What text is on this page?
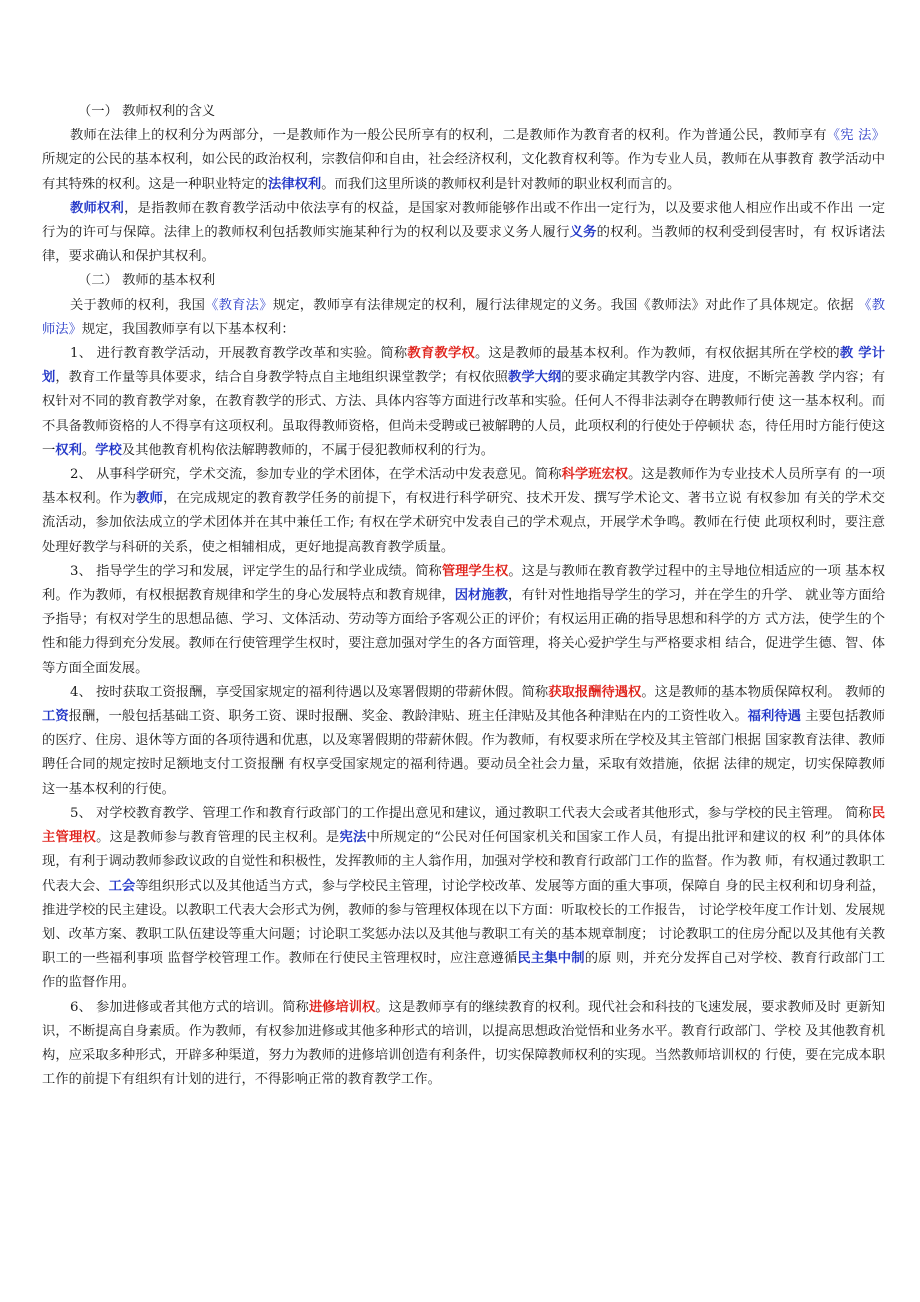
（一） 教师权利的含义

教师在法律上的权利分为两部分，一是教师作为一般公民所享有的权利，二是教师作为教育者的权利。作为普通公民，教师享有《宪 法》所规定的公民的基本权利，如公民的政治权利，宗教信仰和自由，社会经济权利，文化教育权利等。作为专业人员，教师在从事教育 教学活动中有其特殊的权利。这是一种职业特定的法律权利。而我们这里所谈的教师权利是针对教师的职业权利而言的。

教师权利，是指教师在教育教学活动中依法享有的权益，是国家对教师能够作出或不作出一定行为，以及要求他人相应作出或不作出 一定行为的许可与保障。法律上的教师权利包括教师实施某种行为的权利以及要求义务人履行义务的权利。当教师的权利受到侵害时，有 权诉诸法律，要求确认和保护其权利。

（二） 教师的基本权利

关于教师的权利，我国《教育法》规定，教师享有法律规定的权利，履行法律规定的义务。我国《教师法》对此作了具体规定。依据 《教师法》规定，我国教师享有以下基本权利：

1、 进行教育教学活动，开展教育教学改革和实验。简称教育教学权。这是教师的最基本权利。作为教师，有权依据其所在学校的教 学计划，教育工作量等具体要求，结合自身教学特点自主地组织课堂教学；有权依照教学大纲的要求确定其教学内容、进度，不断完善教 学内容；有权针对不同的教育教学对象，在教育教学的形式、方法、具体内容等方面进行改革和实验。任何人不得非法剥夺在聘教师行使 这一基本权利。而不具备教师资格的人不得享有这项权利。虽取得教师资格，但尚未受聘或已被解聘的人员，此项权利的行使处于停顿状 态，待任用时方能行使这一权利。学校及其他教育机构依法解聘教师的，不属于侵犯教师权利的行为。

2、 从事科学研究，学术交流，参加专业的学术团体，在学术活动中发表意见。简称科学班宏权。这是教师作为专业技术人员所享有 的一项基本权利。作为教师，在完成规定的教育教学任务的前提下，有权进行科学研究、技术开发、撰写学术论文、著书立说 有权参加 有关的学术交流活动，参加依法成立的学术团体并在其中兼任工作; 有权在学术研究中发表自己的学术观点，开展学术争鸣。教师在行使 此项权利时，要注意处理好教学与科研的关系，使之相辅相成，更好地提高教育教学质量。

3、 指导学生的学习和发展，评定学生的品行和学业成绩。简称管理学生权。这是与教师在教育教学过程中的主导地位相适应的一项 基本权利。作为教师，有权根据教育规律和学生的身心发展特点和教育规律，因材施教，有针对性地指导学生的学习，并在学生的升学、 就业等方面给予指导；有权对学生的思想品德、学习、文体活动、劳动等方面给予客观公正的评价；有权运用正确的指导思想和科学的方 式方法，使学生的个性和能力得到充分发展。教师在行使管理学生权时，要注意加强对学生的各方面管理，将关心爱护学生与严格要求相 结合，促进学生德、智、体等方面全面发展。

4、 按时获取工资报酬，享受国家规定的福利待遇以及寒署假期的带薪休假。简称获取报酬待遇权。这是教师的基本物质保障权利。 教师的工资报酬，一般包括基础工资、职务工资、课时报酬、奖金、教龄津贴、班主任津贴及其他各种津贴在内的工资性收入。福利待遇 主要包括教师的医疗、住房、退休等方面的各项待遇和优惠，以及寒署假期的带薪休假。作为教师，有权要求所在学校及其主管部门根据 国家教育法律、教师聘任合同的规定按时足额地支付工资报酬 有权享受国家规定的福利待遇。要动员全社会力量，采取有效措施，依据 法律的规定，切实保障教师这一基本权利的行使。

5、 对学校教育教学、管理工作和教育行政部门的工作提出意见和建议，通过教职工代表大会或者其他形式，参与学校的民主管理。 简称民主管理权。这是教师参与教育管理的民主权利。是宪法中所规定的“公民对任何国家机关和国家工作人员，有提出批评和建议的权 利”的具体体现，有利于调动教师参政议政的自觉性和积极性，发挥教师的主人翁作用，加强对学校和教育行政部门工作的监督。作为教 师，有权通过教职工代表大会、工会等组织形式以及其他适当方式，参与学校民主管理，讨论学校改革、发展等方面的重大事项，保障自 身的民主权利和切身利益，推进学校的民主建设。以教职工代表大会形式为例，教师的参与管理权体现在以下方面：听取校长的工作报告， 讨论学校年度工作计划、发展规划、改革方案、教职工队伍建设等重大问题；讨论职工奖惩办法以及其他与教职工有关的基本规章制度； 讨论教职工的住房分配以及其他有关教职工的一些福利事项 监督学校管理工作。教师在行使民主管理权时，应注意遵循民主集中制的原 则，并充分发挥自己对学校、教育行政部门工作的监督作用。

6、 参加进修或者其他方式的培训。简称进修培训权。这是教师享有的继续教育的权利。现代社会和科技的飞速发展，要求教师及时 更新知识，不断提高自身素质。作为教师，有权参加进修或其他多种形式的培训，以提高思想政治觉悟和业务水平。教育行政部门、学校 及其他教育机构，应采取多种形式，开辟多种渠道，努力为教师的进修培训创造有利条件，切实保障教师权利的实现。当然教师培训权的 行使，要在完成本职工作的前提下有组织有计划的进行，不得影响正常的教育教学工作。
